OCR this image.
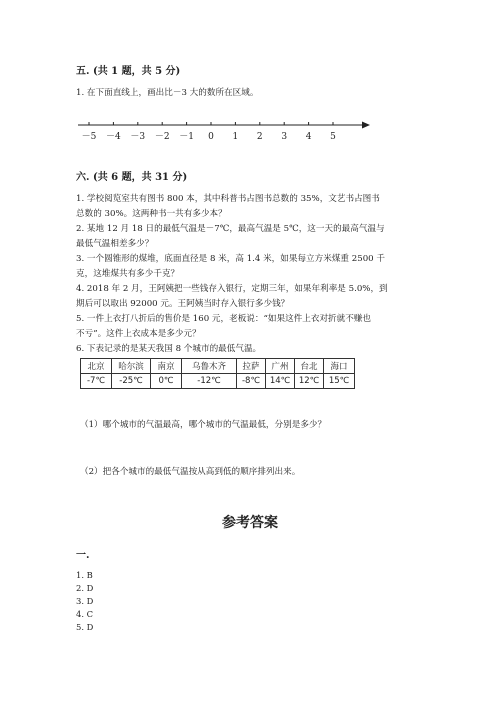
五. (共 1 题，共 5 分)
1. 在下面直线上，画出比－3 大的数所在区域。
－5 －4 －3 －2 －1 0 1 2 3 4 5
六. (共 6 题，共 31 分)
1. 学校阅览室共有图书 800 本，其中科普书占图书总数的 35%，文艺书占图书
总数的 30%。这两种书一共有多少本？
2. 某地 12 月 18 日的最低气温是－7℃，最高气温是 5℃，这一天的最高气温与
最低气温相差多少？
3. 一个圆锥形的煤堆，底面直径是 8 米，高 1.4 米，如果每立方米煤重 2500 千
克，这堆煤共有多少千克？
4. 2018 年 2 月，王阿姨把一些钱存入银行，定期三年，如果年利率是 5.0%，到
期后可以取出 92000 元。王阿姨当时存入银行多少钱？
5. 一件上衣打八折后的售价是 160 元，老板说：“如果这件上衣对折就不赚也
不亏”。这件上衣成本是多少元？
6. 下表记录的是某天我国 8 个城市的最低气温。
北京	哈尔滨	南京	乌鲁木齐	拉萨	广州	台北	海口
-7℃	-25℃	0℃	-12℃	-8℃	14℃	12℃	15℃
（1）哪个城市的气温最高，哪个城市的气温最低，分别是多少？
（2）把各个城市的最低气温按从高到低的顺序排列出来。
参考答案
一.
1. B
2. D
3. D
4. C
5. D
